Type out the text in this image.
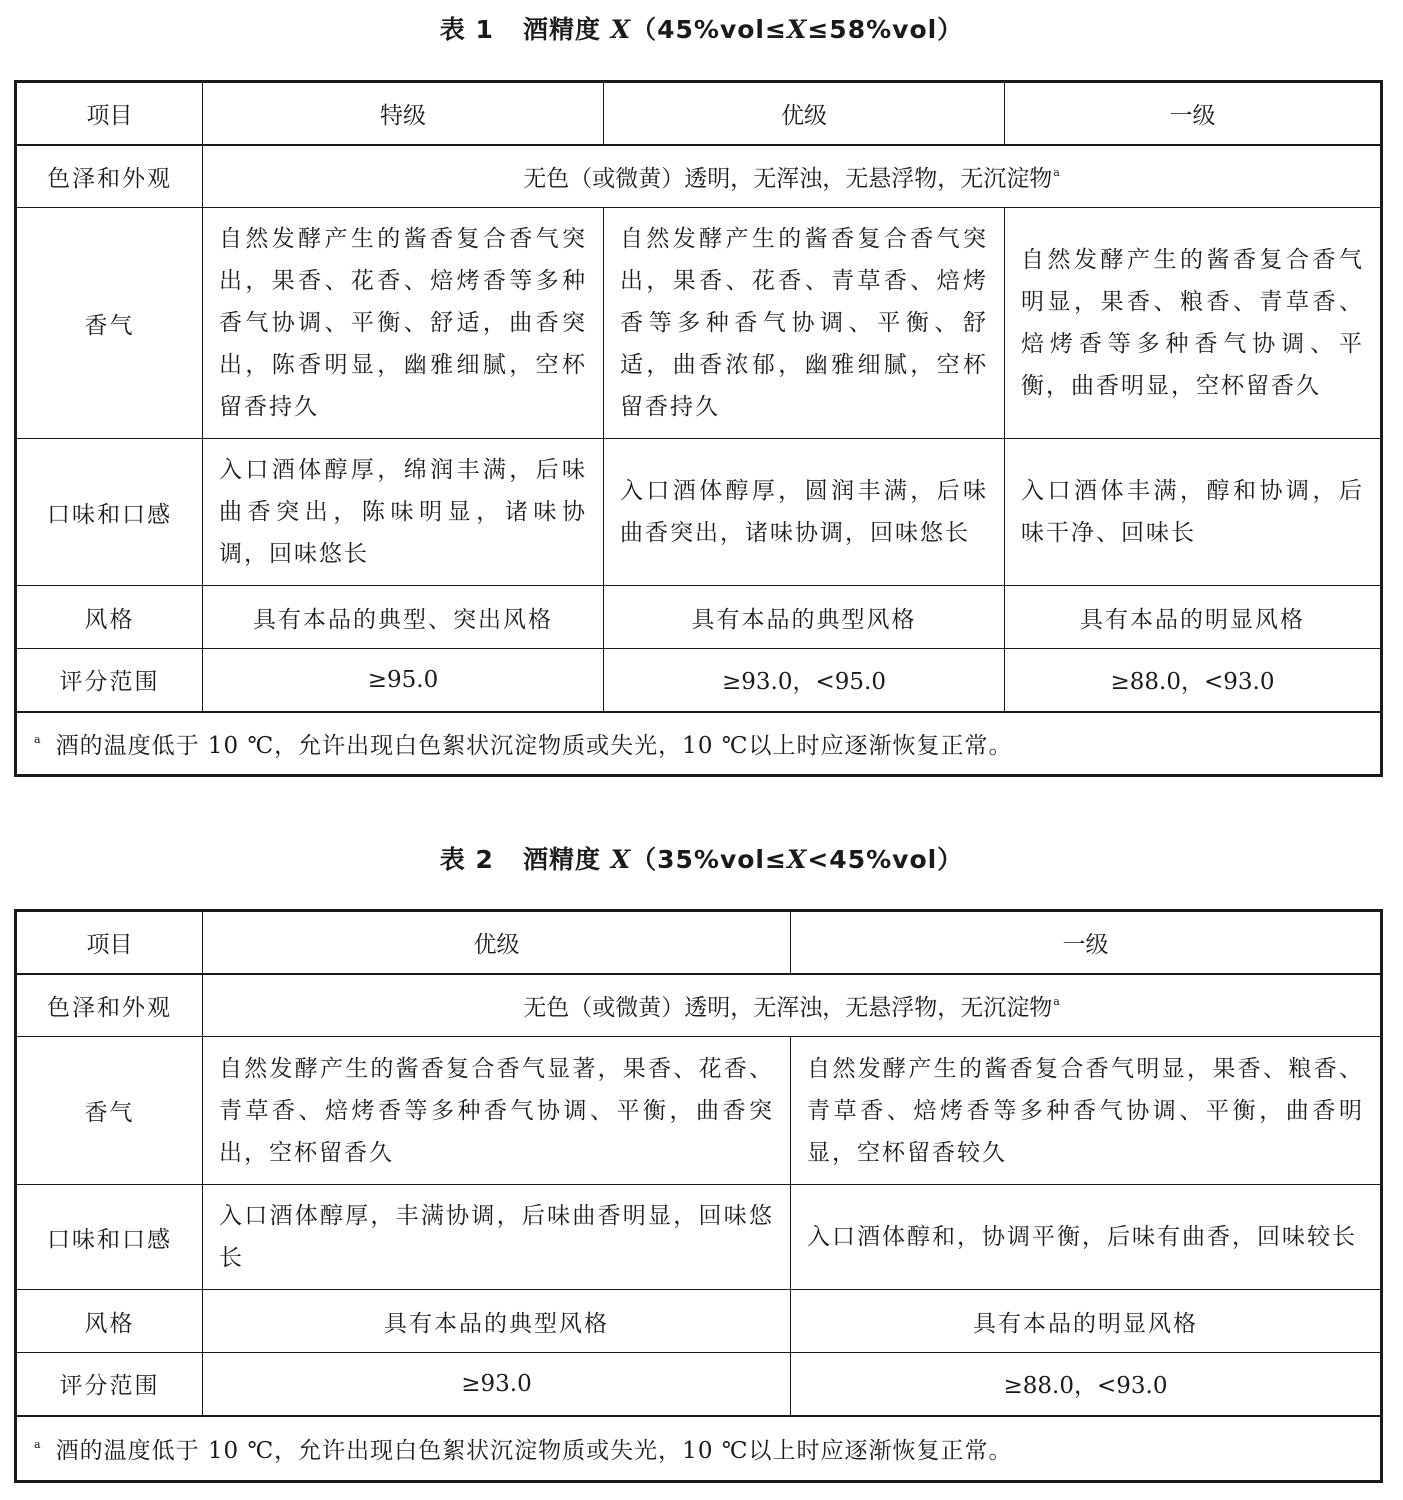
表 1   酒精度 X（45%vol≤X≤58%vol）
项目	特级	优级	一级
色泽和外观	无色（或微黄）透明，无浑浊，无悬浮物，无沉淀物$^a$
香气	自然发酵产生的酱香复合香气突出，果香、花香、焙烤香等多种香气协调、平衡、舒适，曲香突出，陈香明显，幽雅细腻，空杯留香持久	自然发酵产生的酱香复合香气突出，果香、花香、青草香、焙烤香等多种香气协调、平衡、舒适，曲香浓郁，幽雅细腻，空杯留香持久	自然发酵产生的酱香复合香气明显，果香、粮香、青草香、焙烤香等多种香气协调、平衡，曲香明显，空杯留香久
口味和口感	入口酒体醇厚，绵润丰满，后味曲香突出，陈味明显，诸味协调，回味悠长	入口酒体醇厚，圆润丰满，后味曲香突出，诸味协调，回味悠长	入口酒体丰满，醇和协调，后味干净、回味长
风格	具有本品的典型、突出风格	具有本品的典型风格	具有本品的明显风格
评分范围	≥95.0	≥93.0，<95.0	≥88.0，<93.0
$^a$ 酒的温度低于 10 ℃，允许出现白色絮状沉淀物质或失光，10 ℃以上时应逐渐恢复正常。			
表 2   酒精度 X（35%vol≤X<45%vol）
项目	优级	一级
色泽和外观	无色（或微黄）透明，无浑浊，无悬浮物，无沉淀物$^a$
香气	自然发酵产生的酱香复合香气显著，果香、花香、青草香、焙烤香等多种香气协调、平衡，曲香突出，空杯留香久	自然发酵产生的酱香复合香气明显，果香、粮香、青草香、焙烤香等多种香气协调、平衡，曲香明显，空杯留香较久
口味和口感	入口酒体醇厚，丰满协调，后味曲香明显，回味悠长	入口酒体醇和，协调平衡，后味有曲香，回味较长
风格	具有本品的典型风格	具有本品的明显风格
评分范围	≥93.0	≥88.0，<93.0
$^a$ 酒的温度低于 10 ℃，允许出现白色絮状沉淀物质或失光，10 ℃以上时应逐渐恢复正常。		
